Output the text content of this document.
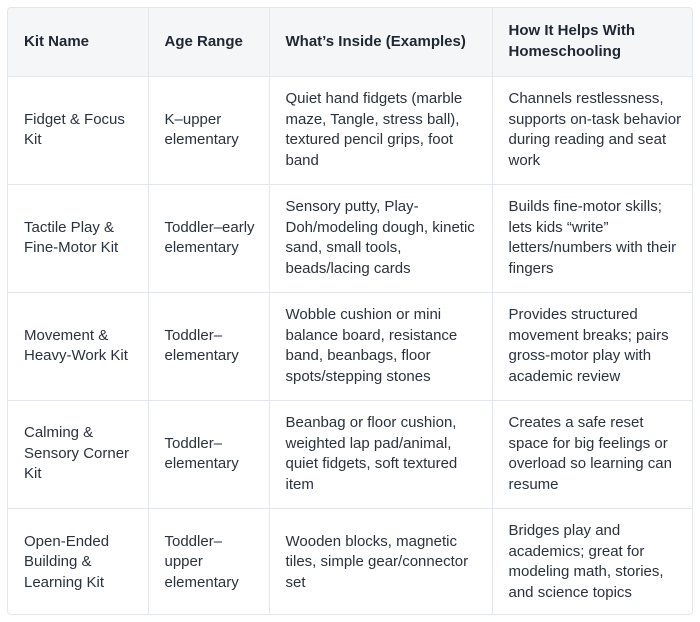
Kit Name	Age Range	What’s Inside (Examples)	How It Helps With Homeschooling
Fidget & Focus Kit	K–upper elementary	Quiet hand fidgets (marble maze, Tangle, stress ball), textured pencil grips, foot band	Channels restlessness, supports on-task behavior during reading and seat work
Tactile Play & Fine-Motor Kit	Toddler–early elementary	Sensory putty, Play-Doh/modeling dough, kinetic sand, small tools, beads/lacing cards	Builds fine-motor skills; lets kids “write” letters/numbers with their fingers
Movement & Heavy-Work Kit	Toddler–elementary	Wobble cushion or mini balance board, resistance band, beanbags, floor spots/stepping stones	Provides structured movement breaks; pairs gross-motor play with academic review
Calming & Sensory Corner Kit	Toddler–elementary	Beanbag or floor cushion, weighted lap pad/animal, quiet fidgets, soft textured item	Creates a safe reset space for big feelings or overload so learning can resume
Open-Ended Building & Learning Kit	Toddler–upper elementary	Wooden blocks, magnetic tiles, simple gear/connector set	Bridges play and academics; great for modeling math, stories, and science topics
